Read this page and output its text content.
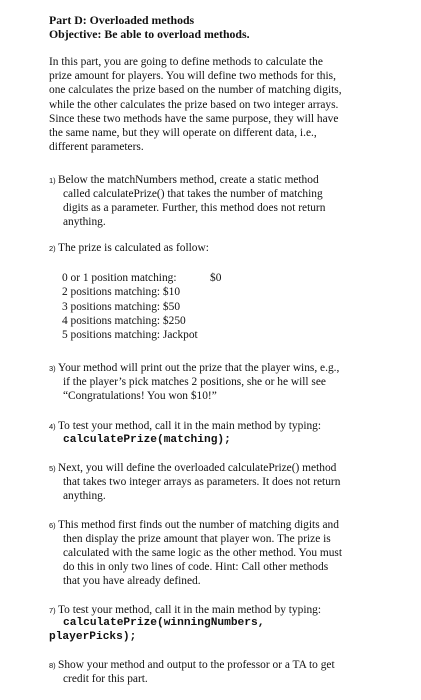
Part D: Overloaded methods
Objective: Be able to overload methods.
In this part, you are going to define methods to calculate the
prize amount for players. You will define two methods for this,
one calculates the prize based on the number of matching digits,
while the other calculates the prize based on two integer arrays.
Since these two methods have the same purpose, they will have
the same name, but they will operate on different data, i.e.,
different parameters.
1) Below the matchNumbers method, create a static method
called calculatePrize() that takes the number of matching
digits as a parameter. Further, this method does not return
anything.
2) The prize is calculated as follow:
0 or 1 position matching:	$0
2 positions matching: $10
3 positions matching: $50
4 positions matching: $250
5 positions matching: Jackpot
3) Your method will print out the prize that the player wins, e.g.,
if the player’s pick matches 2 positions, she or he will see
“Congratulations! You won $10!”
4) To test your method, call it in the main method by typing:
calculatePrize(matching);
5) Next, you will define the overloaded calculatePrize() method
that takes two integer arrays as parameters. It does not return
anything.
6) This method first finds out the number of matching digits and
then display the prize amount that player won. The prize is
calculated with the same logic as the other method. You must
do this in only two lines of code. Hint: Call other methods
that you have already defined.
7) To test your method, call it in the main method by typing:
calculatePrize(winningNumbers,
playerPicks);
8) Show your method and output to the professor or a TA to get
credit for this part.
